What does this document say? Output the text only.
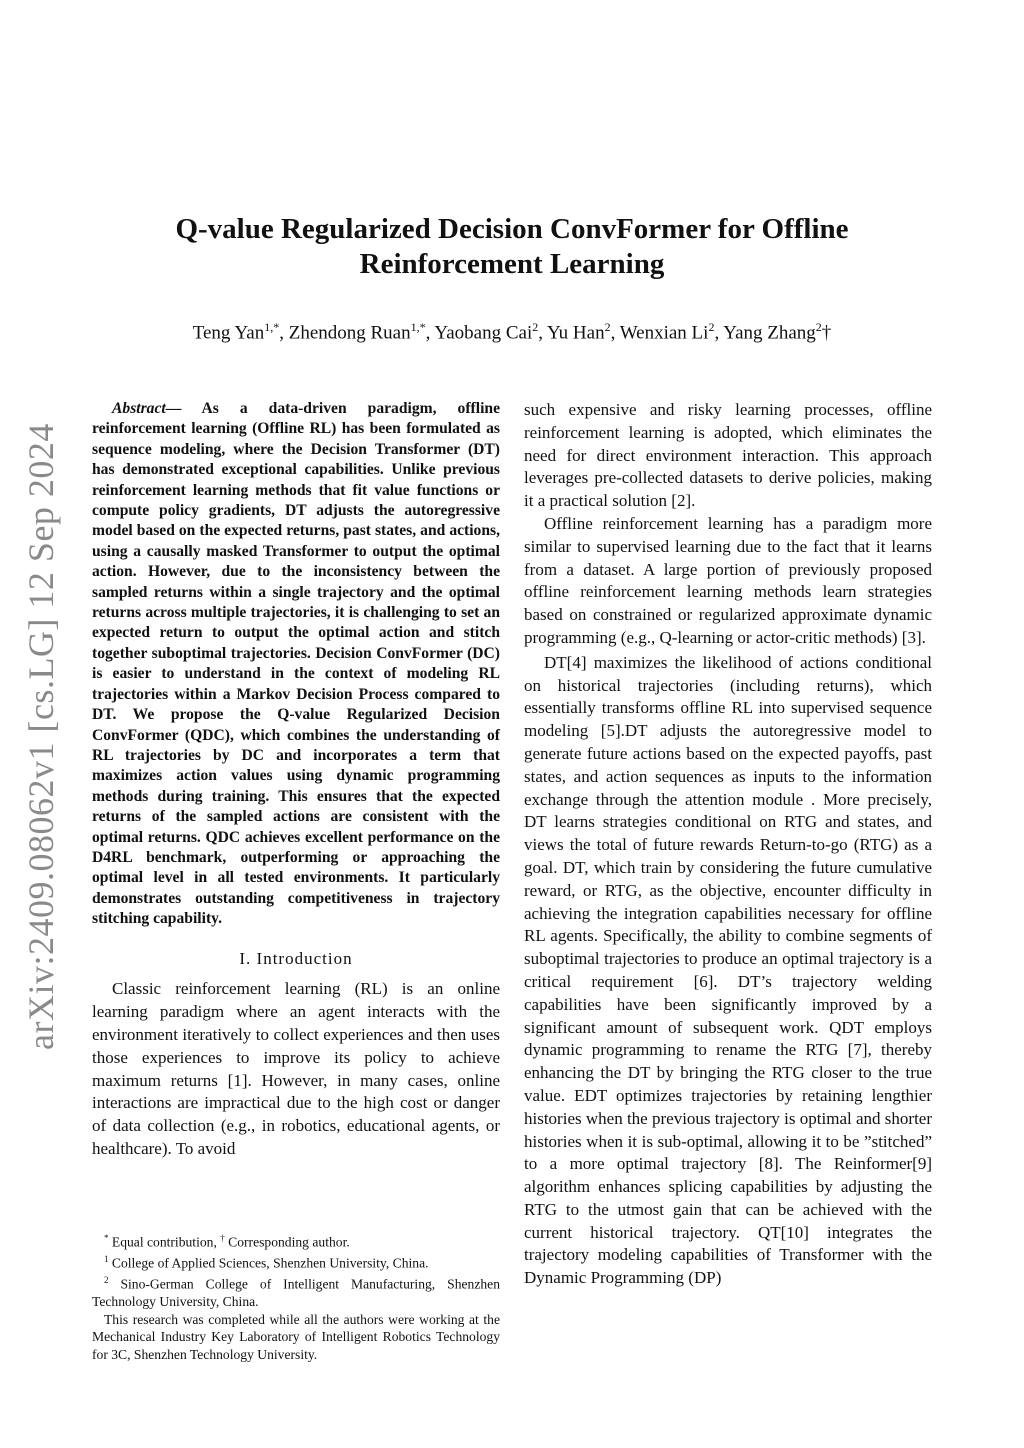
arXiv:2409.08062v1 [cs.LG] 12 Sep 2024
Q-value Regularized Decision ConvFormer for Offline Reinforcement Learning
Teng Yan$^{1,*}$, Zhendong Ruan$^{1,*}$, Yaobang Cai$^2$, Yu Han$^2$, Wenxian Li$^2$, Yang Zhang$^2$†

Abstract— As a data-driven paradigm, offline reinforcement learning (Offline RL) has been formulated as sequence modeling, where the Decision Transformer (DT) has demonstrated exceptional capabilities. Unlike previous reinforcement learning methods that fit value functions or compute policy gradients, DT adjusts the autoregressive model based on the expected returns, past states, and actions, using a causally masked Transformer to output the optimal action. However, due to the inconsistency between the sampled returns within a single trajectory and the optimal returns across multiple trajectories, it is challenging to set an expected return to output the optimal action and stitch together suboptimal trajectories. Decision ConvFormer (DC) is easier to understand in the context of modeling RL trajectories within a Markov Decision Process compared to DT. We propose the Q-value Regularized Decision ConvFormer (QDC), which combines the understanding of RL trajectories by DC and incorporates a term that maximizes action values using dynamic programming methods during training. This ensures that the expected returns of the sampled actions are consistent with the optimal returns. QDC achieves excellent performance on the D4RL benchmark, outperforming or approaching the optimal level in all tested environments. It particularly demonstrates outstanding competitiveness in trajectory stitching capability.

I. Introduction

Classic reinforcement learning (RL) is an online learning paradigm where an agent interacts with the environment iteratively to collect experiences and then uses those experiences to improve its policy to achieve maximum returns [1]. However, in many cases, online interactions are impractical due to the high cost or danger of data collection (e.g., in robotics, educational agents, or healthcare). To avoid

* Equal contribution, † Corresponding author.

$^1$ College of Applied Sciences, Shenzhen University, China.

$^2$ Sino-German College of Intelligent Manufacturing, Shenzhen Technology University, China.

This research was completed while all the authors were working at the Mechanical Industry Key Laboratory of Intelligent Robotics Technology for 3C, Shenzhen Technology University.

such expensive and risky learning processes, offline reinforcement learning is adopted, which eliminates the need for direct environment interaction. This approach leverages pre-collected datasets to derive policies, making it a practical solution [2].

Offline reinforcement learning has a paradigm more similar to supervised learning due to the fact that it learns from a dataset. A large portion of previously proposed offline reinforcement learning methods learn strategies based on constrained or regularized approximate dynamic programming (e.g., Q-learning or actor-critic methods) [3].

DT[4] maximizes the likelihood of actions conditional on historical trajectories (including returns), which essentially transforms offline RL into supervised sequence modeling [5].DT adjusts the autoregressive model to generate future actions based on the expected payoffs, past states, and action sequences as inputs to the information exchange through the attention module . More precisely, DT learns strategies conditional on RTG and states, and views the total of future rewards Return-to-go (RTG) as a goal. DT, which train by considering the future cumulative reward, or RTG, as the objective, encounter difficulty in achieving the integration capabilities necessary for offline RL agents. Specifically, the ability to combine segments of suboptimal trajectories to produce an optimal trajectory is a critical requirement [6]. DT’s trajectory welding capabilities have been significantly improved by a significant amount of subsequent work. QDT employs dynamic programming to rename the RTG [7], thereby enhancing the DT by bringing the RTG closer to the true value. EDT optimizes trajectories by retaining lengthier histories when the previous trajectory is optimal and shorter histories when it is sub-optimal, allowing it to be ”stitched” to a more optimal trajectory [8]. The Reinformer[9] algorithm enhances splicing capabilities by adjusting the RTG to the utmost gain that can be achieved with the current historical trajectory. QT[10] integrates the trajectory modeling capabilities of Transformer with the Dynamic Programming (DP)
